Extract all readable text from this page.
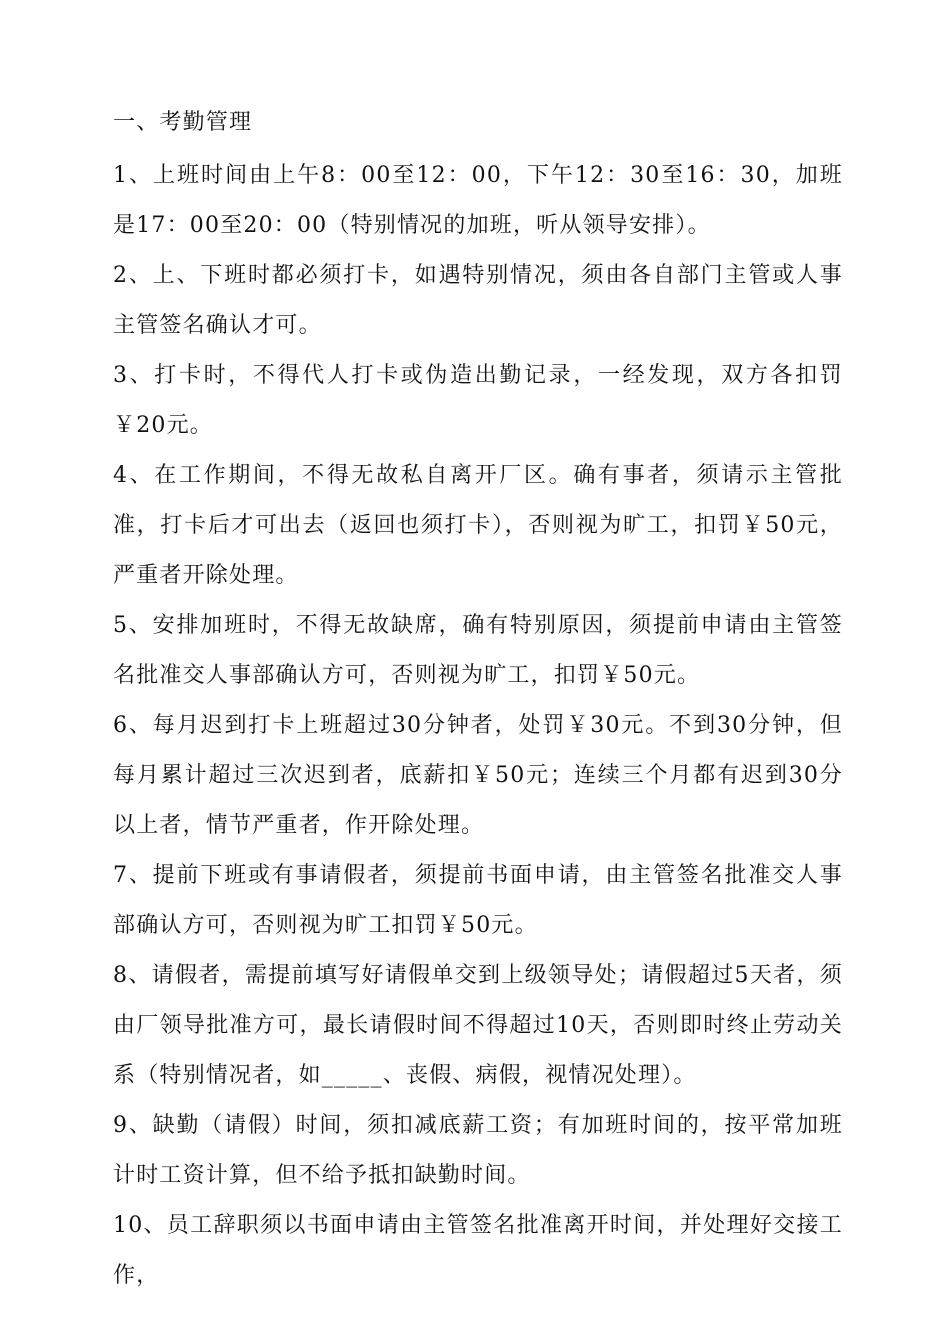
一、考勤管理

1、上班时间由上午8：00至12：00，下午12：30至16：30，加班是17：00至20：00（特别情况的加班，听从领导安排）。

2、上、下班时都必须打卡，如遇特别情况，须由各自部门主管或人事主管签名确认才可。

3、打卡时，不得代人打卡或伪造出勤记录，一经发现，双方各扣罚￥20元。

4、在工作期间，不得无故私自离开厂区。确有事者，须请示主管批准，打卡后才可出去（返回也须打卡），否则视为旷工，扣罚￥50元，严重者开除处理。

5、安排加班时，不得无故缺席，确有特别原因，须提前申请由主管签名批准交人事部确认方可，否则视为旷工，扣罚￥50元。

6、每月迟到打卡上班超过30分钟者，处罚￥30元。不到30分钟，但每月累计超过三次迟到者，底薪扣￥50元；连续三个月都有迟到30分以上者，情节严重者，作开除处理。

7、提前下班或有事请假者，须提前书面申请，由主管签名批准交人事部确认方可，否则视为旷工扣罚￥50元。

8、请假者，需提前填写好请假单交到上级领导处；请假超过5天者，须由厂领导批准方可，最长请假时间不得超过10天，否则即时终止劳动关系（特别情况者，如_____、丧假、病假，视情况处理）。

9、缺勤（请假）时间，须扣减底薪工资；有加班时间的，按平常加班计时工资计算，但不给予抵扣缺勤时间。

10、员工辞职须以书面申请由主管签名批准离开时间，并处理好交接工作，
